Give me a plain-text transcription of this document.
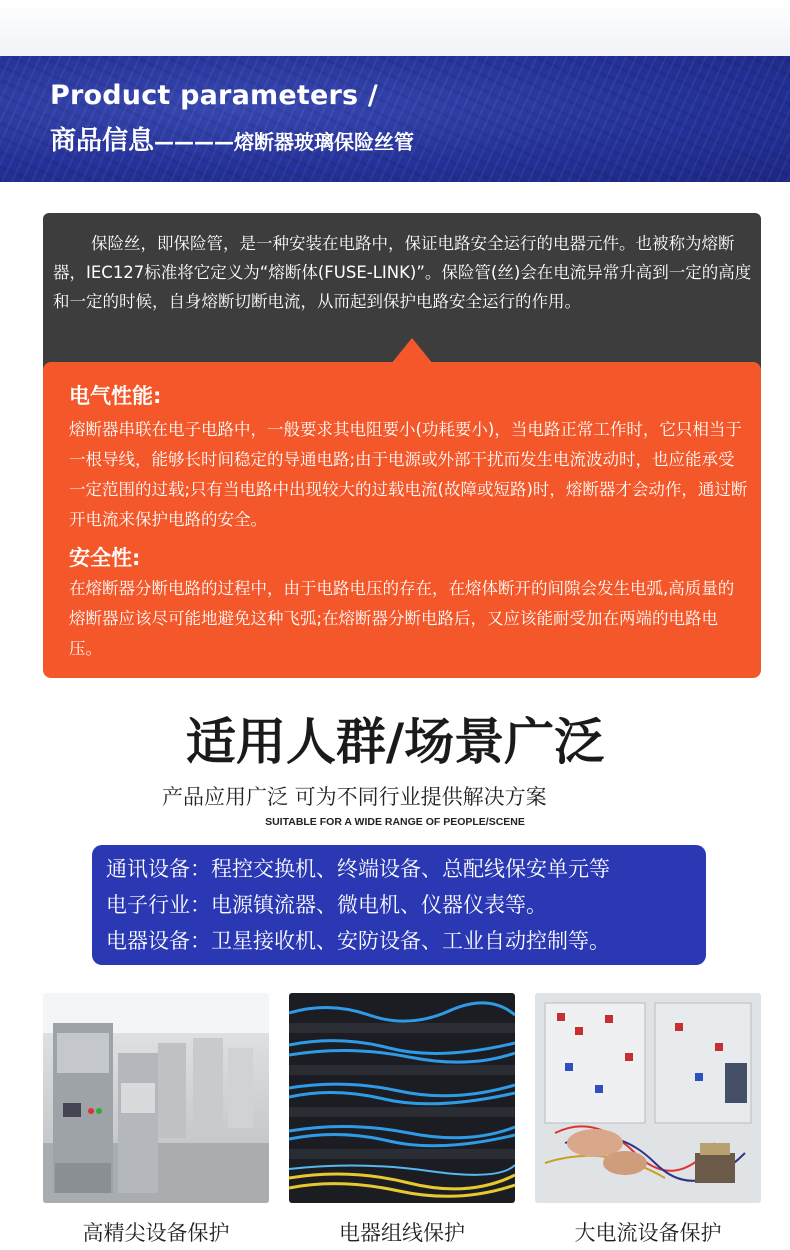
Product parameters /
商品信息————熔断器玻璃保险丝管

保险丝，即保险管，是一种安装在电路中，保证电路安全运行的电器元件。也被称为熔断器，IEC127标准将它定义为“熔断体(FUSE-LINK)”。保险管(丝)会在电流异常升高到一定的高度和一定的时候，自身熔断切断电流，从而起到保护电路安全运行的作用。

电气性能:
熔断器串联在电子电路中，一般要求其电阻要小(功耗要小)，当电路正常工作时，它只相当于一根导线，能够长时间稳定的导通电路;由于电源或外部干扰而发生电流波动时，也应能承受一定范围的过载;只有当电路中出现较大的过载电流(故障或短路)时，熔断器才会动作，通过断开电流来保护电路的安全。
安全性:
在熔断器分断电路的过程中，由于电路电压的存在，在熔体断开的间隙会发生电弧,高质量的熔断器应该尽可能地避免这种飞弧;在熔断器分断电路后，又应该能耐受加在两端的电路电压。
适用人群/场景广泛
产品应用广泛 可为不同行业提供解决方案
SUITABLE FOR A WIDE RANGE OF PEOPLE/SCENE
通讯设备：程控交换机、终端设备、总配线保安单元等
电子行业：电源镇流器、微电机、仪器仪表等。
电器设备：卫星接收机、安防设备、工业自动控制等。
高精尖设备保护	电器组线保护	大电流设备保护
